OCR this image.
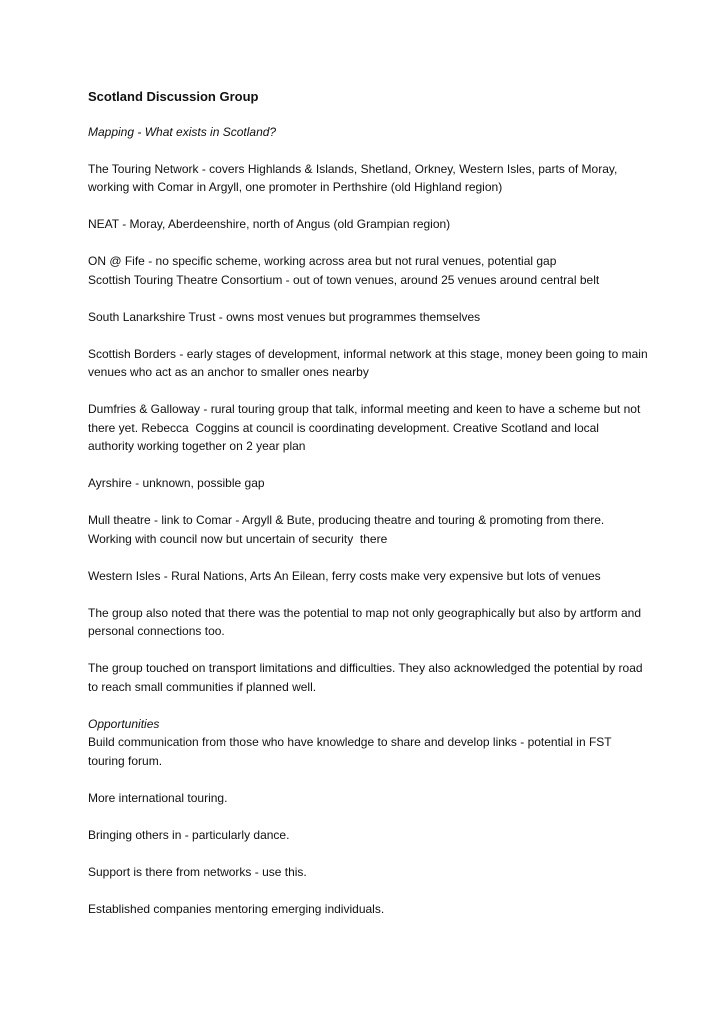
Scotland Discussion Group
Mapping - What exists in Scotland?

The Touring Network - covers Highlands & Islands, Shetland, Orkney, Western Isles, parts of Moray, working with Comar in Argyll, one promoter in Perthshire (old Highland region)

NEAT - Moray, Aberdeenshire, north of Angus (old Grampian region)

ON @ Fife - no specific scheme, working across area but not rural venues, potential gap

Scottish Touring Theatre Consortium - out of town venues, around 25 venues around central belt

South Lanarkshire Trust - owns most venues but programmes themselves

Scottish Borders - early stages of development, informal network at this stage, money been going to main venues who act as an anchor to smaller ones nearby

Dumfries & Galloway - rural touring group that talk, informal meeting and keen to have a scheme but not there yet. Rebecca  Coggins at council is coordinating development. Creative Scotland and local authority working together on 2 year plan

Ayrshire - unknown, possible gap

Mull theatre - link to Comar - Argyll & Bute, producing theatre and touring & promoting from there. Working with council now but uncertain of security  there

Western Isles - Rural Nations, Arts An Eilean, ferry costs make very expensive but lots of venues

The group also noted that there was the potential to map not only geographically but also by artform and personal connections too.

The group touched on transport limitations and difficulties. They also acknowledged the potential by road to reach small communities if planned well.

Opportunities

Build communication from those who have knowledge to share and develop links - potential in FST touring forum.

More international touring.

Bringing others in - particularly dance.

Support is there from networks - use this.

Established companies mentoring emerging individuals.
